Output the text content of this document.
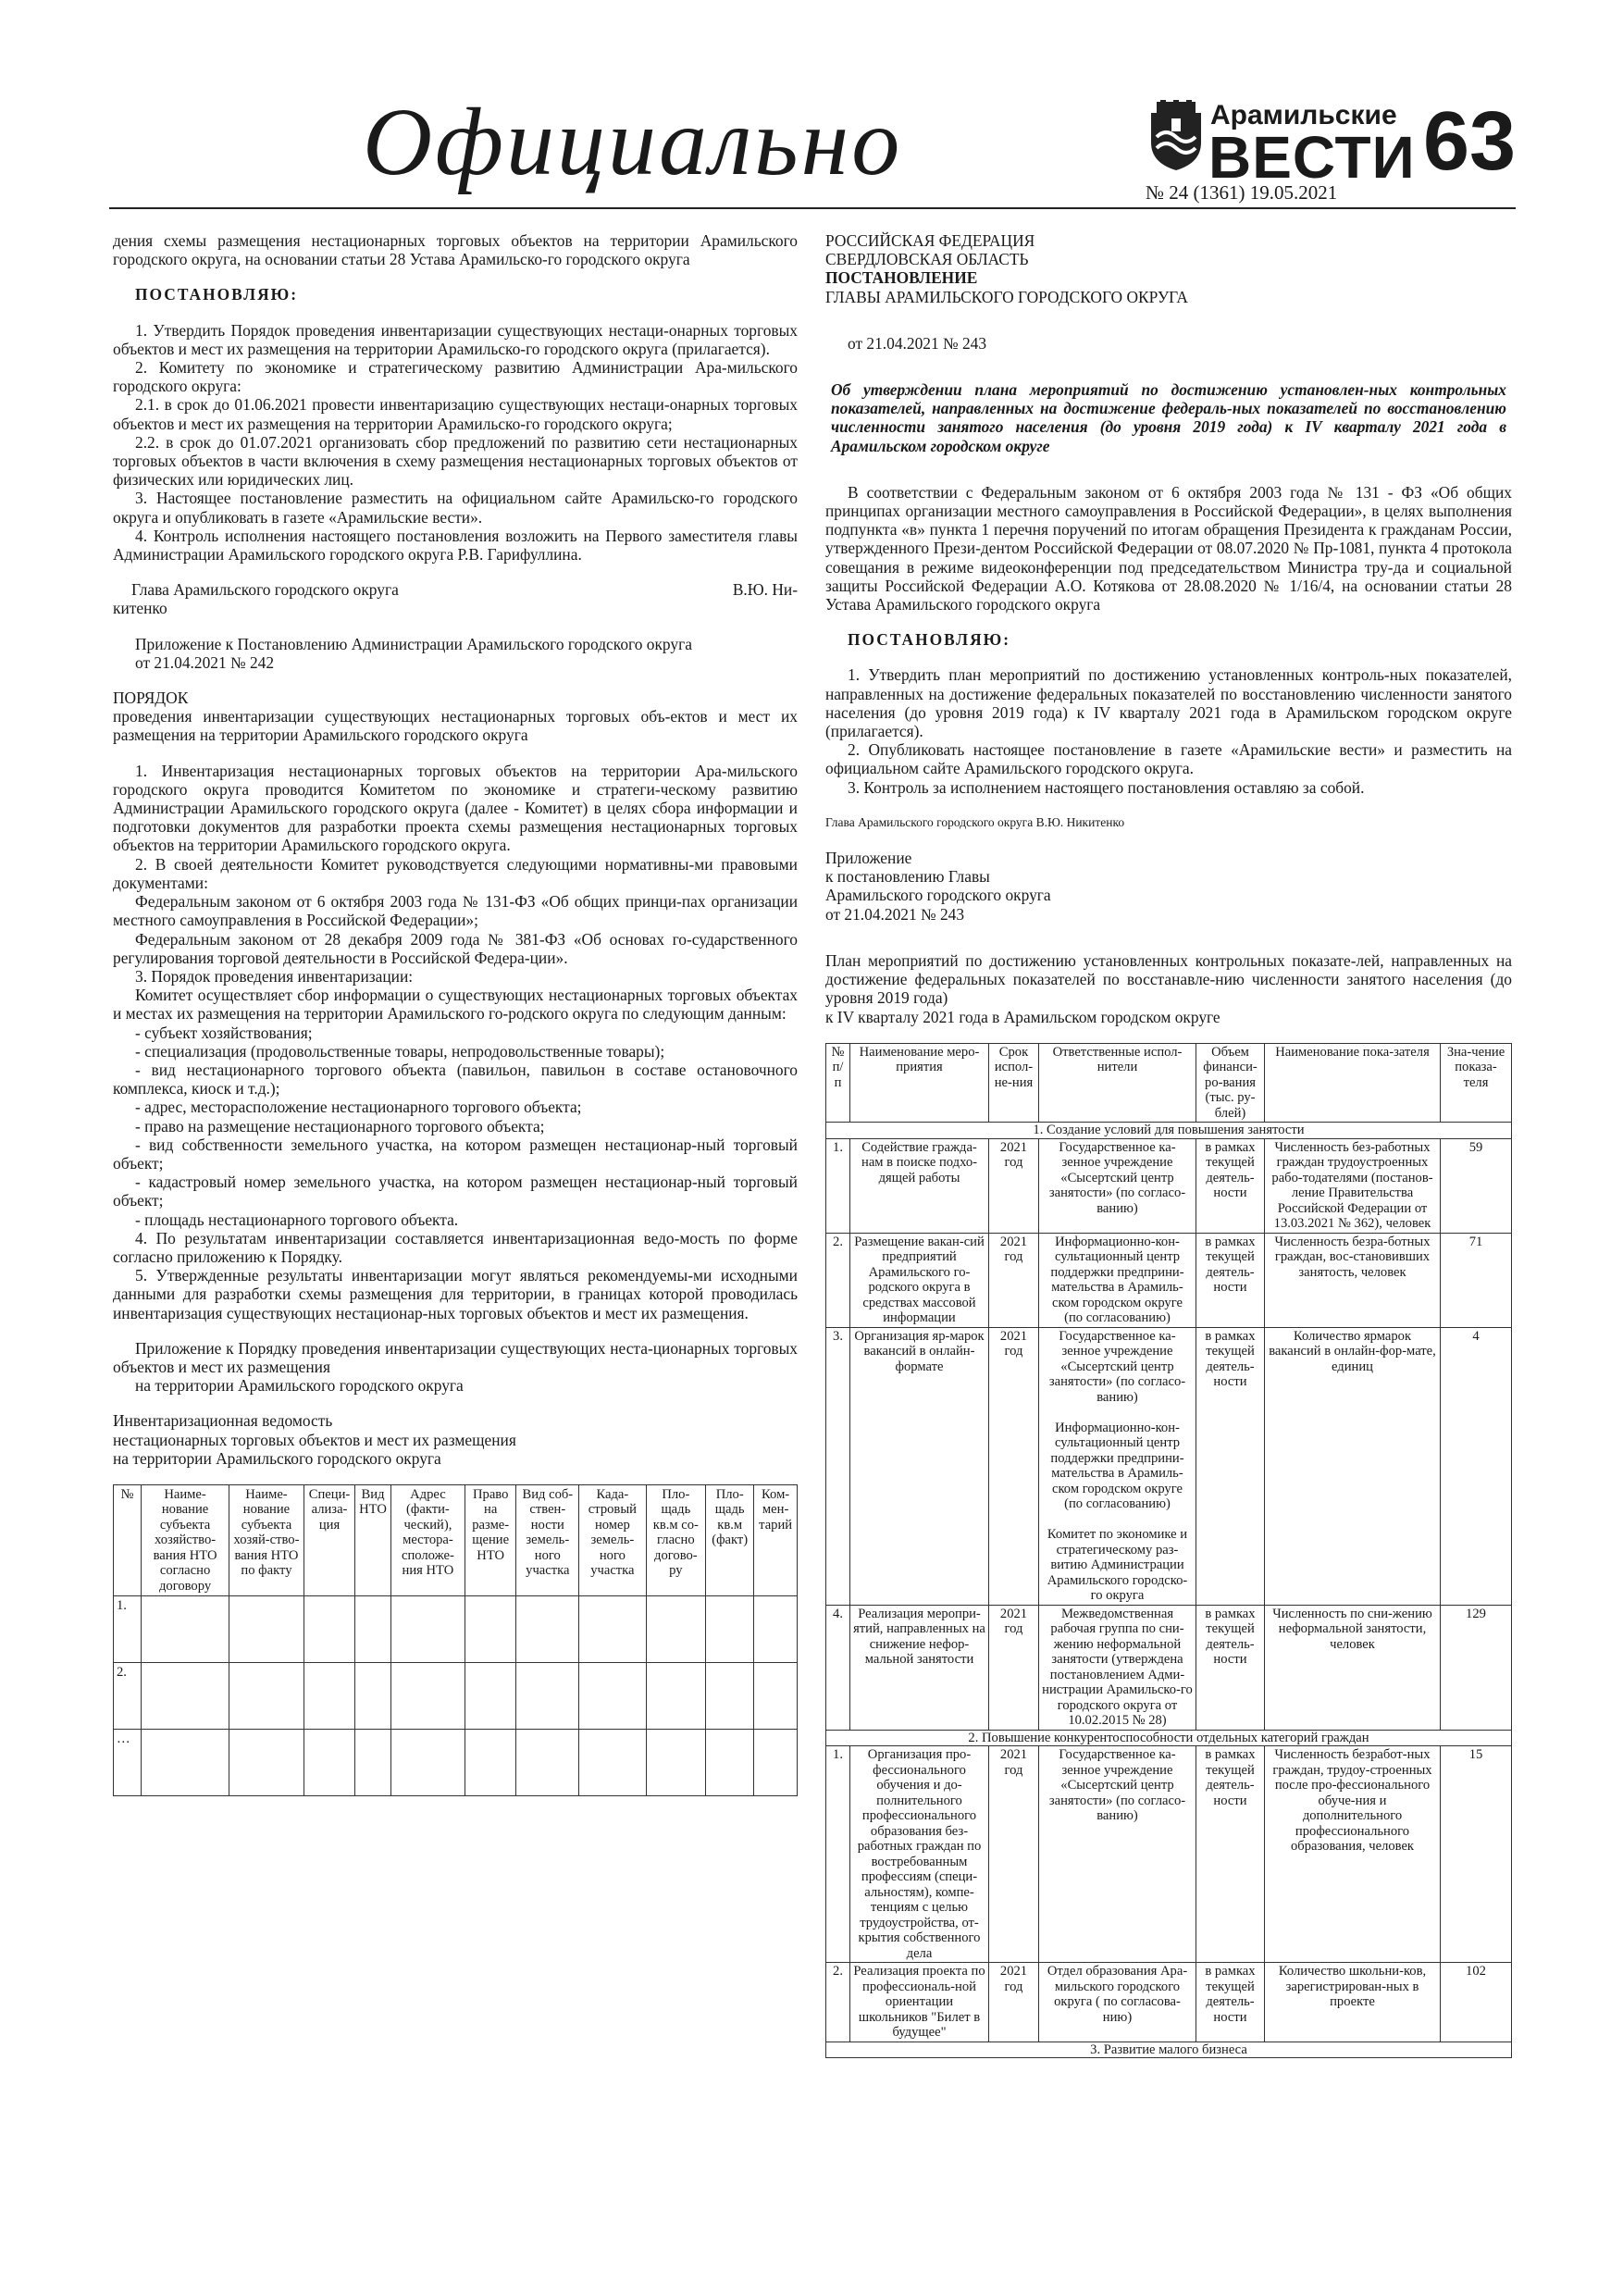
Официально	Арамильские
ВЕСТИ 63
№ 24 (1361) 19.05.2021

дения схемы размещения нестационарных торговых объектов на территории Арамильского городского округа, на основании статьи 28 Устава Арамильско-го городского округа

ПОСТАНОВЛЯЮ:

1. Утвердить Порядок проведения инвентаризации существующих нестаци-онарных торговых объектов и мест их размещения на территории Арамильско-го городского округа (прилагается).

2. Комитету по экономике и стратегическому развитию Администрации Ара-мильского городского округа:

2.1. в срок до 01.06.2021 провести инвентаризацию существующих нестаци-онарных торговых объектов и мест их размещения на территории Арамильско-го городского округа;

2.2. в срок до 01.07.2021 организовать сбор предложений по развитию сети нестационарных торговых объектов в части включения в схему размещения нестационарных торговых объектов от физических или юридических лиц.

3. Настоящее постановление разместить на официальном сайте Арамильско-го городского округа и опубликовать в газете «Арамильские вести».

4. Контроль исполнения настоящего постановления возложить на Первого заместителя главы Администрации Арамильского городского округа Р.В. Гарифуллина.

Глава Арамильского городского округа	В.Ю. Ни-

китенко

Приложение к Постановлению Администрации Арамильского городского округа

от 21.04.2021 № 242

ПОРЯДОК

проведения инвентаризации существующих нестационарных торговых объ-ектов и мест их размещения на территории Арамильского городского округа

1. Инвентаризация нестационарных торговых объектов на территории Ара-мильского городского округа проводится Комитетом по экономике и стратеги-ческому развитию Администрации Арамильского городского округа (далее - Комитет) в целях сбора информации и подготовки документов для разработки проекта схемы размещения нестационарных торговых объектов на территории Арамильского городского округа.

2. В своей деятельности Комитет руководствуется следующими нормативны-ми правовыми документами:

Федеральным законом от 6 октября 2003 года № 131-ФЗ «Об общих принци-пах организации местного самоуправления в Российской Федерации»;

Федеральным законом от 28 декабря 2009 года № 381-ФЗ «Об основах го-сударственного регулирования торговой деятельности в Российской Федера-ции».

3. Порядок проведения инвентаризации:

Комитет осуществляет сбор информации о существующих нестационарных торговых объектах и местах их размещения на территории Арамильского го-родского округа по следующим данным:

- субъект хозяйствования;

- специализация (продовольственные товары, непродовольственные товары);

- вид нестационарного торгового объекта (павильон, павильон в составе остановочного комплекса, киоск и т.д.);

- адрес, месторасположение нестационарного торгового объекта;

- право на размещение нестационарного торгового объекта;

- вид собственности земельного участка, на котором размещен нестационар-ный торговый объект;

- кадастровый номер земельного участка, на котором размещен нестационар-ный торговый объект;

- площадь нестационарного торгового объекта.

4. По результатам инвентаризации составляется инвентаризационная ведо-мость по форме согласно приложению к Порядку.

5. Утвержденные результаты инвентаризации могут являться рекомендуемы-ми исходными данными для разработки схемы размещения для территории, в границах которой проводилась инвентаризация существующих нестационар-ных торговых объектов и мест их размещения.

Приложение к Порядку проведения инвентаризации существующих неста-ционарных торговых объектов и мест их размещения

на территории Арамильского городского округа

Инвентаризационная ведомость

нестационарных торговых объектов и мест их размещения

на территории Арамильского городского округа

№	Наиме-нование субъекта хозяйство-вания НТО согласно договору	Наиме-нование субъекта хозяй-ство-вания НТО по факту	Специ-ализа-ция	Вид НТО	Адрес (факти-ческий), местора-сположе-ния НТО	Право на разме-щение НТО	Вид соб-ствен-ности земель-ного участка	Када-стровый номер земель-ного участка	Пло-щадь кв.м со-гласно догово-ру	Пло-щадь кв.м (факт)	Ком-мен-тарий
1.											
2.											
…											

РОССИЙСКАЯ ФЕДЕРАЦИЯ

СВЕРДЛОВСКАЯ ОБЛАСТЬ

ПОСТАНОВЛЕНИЕ

ГЛАВЫ АРАМИЛЬСКОГО ГОРОДСКОГО ОКРУГА

от 21.04.2021 № 243

Об утверждении плана мероприятий по достижению установлен-ных контрольных показателей, направленных на достижение федераль-ных показателей по восстановлению численности занятого населения (до уровня 2019 года) к IV кварталу 2021 года в Арамильском городском округе

В соответствии с Федеральным законом от 6 октября 2003 года № 131 - ФЗ «Об общих принципах организации местного самоуправления в Российской Федерации», в целях выполнения подпункта «в» пункта 1 перечня поручений по итогам обращения Президента к гражданам России, утвержденного Прези-дентом Российской Федерации от 08.07.2020 № Пр-1081, пункта 4 протокола совещания в режиме видеоконференции под председательством Министра тру-да и социальной защиты Российской Федерации А.О. Котякова от 28.08.2020 № 1/16/4, на основании статьи 28 Устава Арамильского городского округа

ПОСТАНОВЛЯЮ:

1. Утвердить план мероприятий по достижению установленных контроль-ных показателей, направленных на достижение федеральных показателей по восстановлению численности занятого населения (до уровня 2019 года) к IV кварталу 2021 года в Арамильском городском округе (прилагается).

2. Опубликовать настоящее постановление в газете «Арамильские вести» и разместить на официальном сайте Арамильского городского округа.

3. Контроль за исполнением настоящего постановления оставляю за собой.

Глава Арамильского городского округа В.Ю. Никитенко

Приложение

к постановлению Главы

Арамильского городского округа

от 21.04.2021 № 243

План мероприятий по достижению установленных контрольных показате-лей, направленных на достижение федеральных показателей по восстанавле-нию численности занятого населения (до уровня 2019 года)

к IV кварталу 2021 года в Арамильском городском округе

№ п/п	Наименование меро-приятия	Срок испол-не-ния	Ответственные испол-нители	Объем финанси-ро-вания (тыс. ру-блей)	Наименование пока-зателя	Зна-чение показа-теля
1. Создание условий для повышения занятости						
1.	Содействие гражда-нам в поиске подхо-дящей работы	2021 год	Государственное ка-зенное учреждение «Сысертский центр занятости» (по согласо-ванию)	в рамках текущей деятель-ности	Численность без-работных граждан трудоустроенных рабо-тодателями (постанов-ление Правительства Российской Федерации от 13.03.2021 № 362), человек	59
2.	Размещение вакан-сий предприятий Арамильского го-родского округа в средствах массовой информации	2021 год	Информационно-кон-сультационный центр поддержки предприни-мательства в Арамиль-ском городском округе (по согласованию)	в рамках текущей деятель-ности	Численность безра-ботных граждан, вос-становивших занятость, человек	71
3.	Организация яр-марок вакансий в онлайн-формате	2021 год	Государственное ка-зенное учреждение «Сысертский центр занятости» (по согласо-ванию)

Информационно-кон-сультационный центр поддержки предприни-мательства в Арамиль-ском городском округе (по согласованию)

Комитет по экономике и стратегическому раз-витию Администрации Арамильского городско-го округа	в рамках текущей деятель-ности	Количество ярмарок вакансий в онлайн-фор-мате, единиц	4
4.	Реализация меропри-ятий, направленных на снижение нефор-мальной занятости	2021 год	Межведомственная рабочая группа по сни-жению неформальной занятости (утверждена постановлением Адми-нистрации Арамильско-го городского округа от 10.02.2015 № 28)	в рамках текущей деятель-ности	Численность по сни-жению неформальной занятости, человек	129
2. Повышение конкурентоспособности отдельных категорий граждан						
1.	Организация про-фессионального обучения и до-полнительного профессионального образования без-работных граждан по востребованным профессиям (специ-альностям), компе-тенциям с целью трудоустройства, от-крытия собственного дела	2021 год	Государственное ка-зенное учреждение «Сысертский центр занятости» (по согласо-ванию)	в рамках текущей деятель-ности	Численность безработ-ных граждан, трудоу-строенных после про-фессионального обуче-ния и дополнительного профессионального образования, человек	15
2.	Реализация проекта по профессиональ-ной ориентации школьников "Билет в будущее"	2021 год	Отдел образования Ара-мильского городского округа ( по согласова-нию)	в рамках текущей деятель-ности	Количество школьни-ков, зарегистрирован-ных в проекте	102
3. Развитие малого бизнеса						
